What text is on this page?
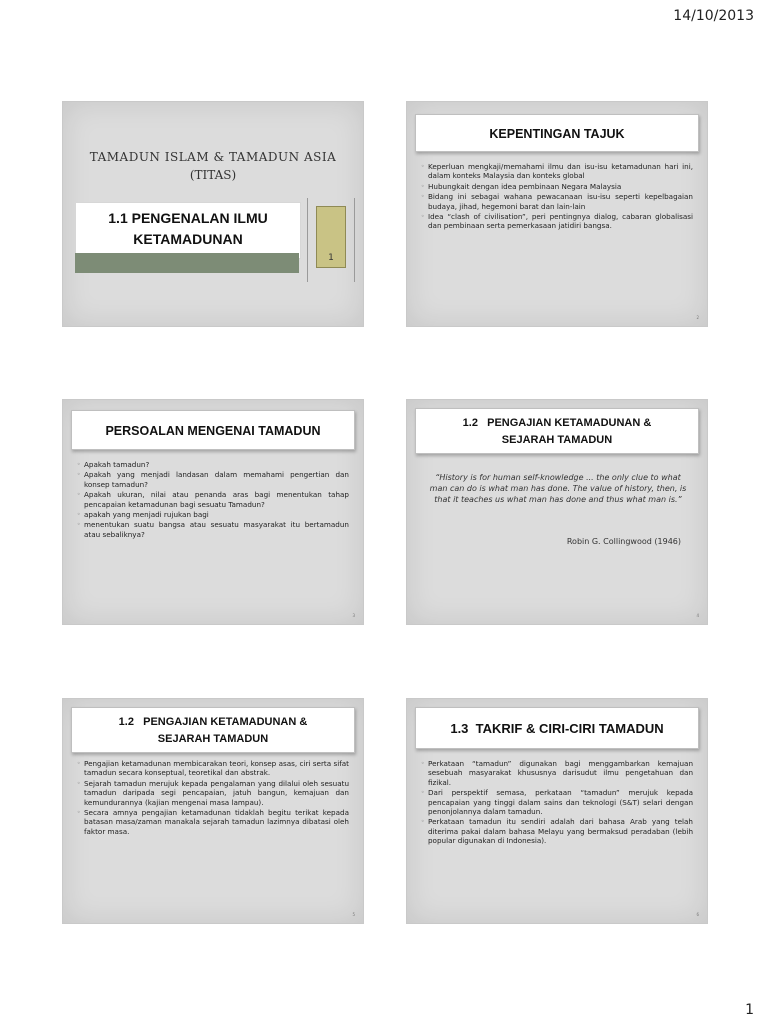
14/10/2013
TAMADUN ISLAM & TAMADUN ASIA
(TITAS)
1.1 PENGENALAN ILMU
KETAMADUNAN
1
KEPENTINGAN TAJUK
◦ Keperluan mengkaji/memahami ilmu dan isu-isu ketamadunan hari ini, dalam konteks Malaysia dan konteks global
◦ Hubungkait dengan idea pembinaan Negara Malaysia
◦ Bidang ini sebagai wahana pewacanaan isu-isu seperti kepelbagaian budaya, jihad, hegemoni barat dan lain-lain
◦ Idea “clash of civilisation”, peri pentingnya dialog, cabaran globalisasi dan pembinaan serta pemerkasaan jatidiri bangsa.
2
PERSOALAN MENGENAI TAMADUN
◦ Apakah tamadun?
◦ Apakah yang menjadi landasan dalam memahami pengertian dan konsep tamadun?
◦ Apakah ukuran, nilai atau penanda aras bagi menentukan tahap pencapaian ketamadunan bagi sesuatu Tamadun?
◦ apakah yang menjadi rujukan bagi
◦ menentukan suatu bangsa atau sesuatu masyarakat itu bertamadun atau sebaliknya?
3
1.2   PENGAJIAN KETAMADUNAN &
SEJARAH TAMADUN
“History is for human self-knowledge ... the only clue to what man can do is what man has done. The value of history, then, is that it teaches us what man has done and thus what man is.”
Robin G. Collingwood (1946)
4
1.2   PENGAJIAN KETAMADUNAN &
SEJARAH TAMADUN
◦ Pengajian ketamadunan membicarakan teori, konsep asas, ciri serta sifat tamadun secara konseptual, teoretikal dan abstrak.
◦ Sejarah tamadun merujuk kepada pengalaman yang dilalui oleh sesuatu tamadun daripada segi pencapaian, jatuh bangun, kemajuan dan kemundurannya (kajian mengenai masa lampau).
◦ Secara amnya pengajian ketamadunan tidaklah begitu terikat kepada batasan masa/zaman manakala sejarah tamadun lazimnya dibatasi oleh faktor masa.
5
1.3  TAKRIF & CIRI-CIRI TAMADUN
◦ Perkataan “tamadun” digunakan bagi menggambarkan kemajuan sesebuah masyarakat khususnya darisudut ilmu pengetahuan dan fizikal.
◦ Dari perspektif semasa, perkataan “tamadun” merujuk kepada pencapaian yang tinggi dalam sains dan teknologi (S&T) selari dengan penonjolannya dalam tamadun.
◦ Perkataan tamadun itu sendiri adalah dari bahasa Arab yang telah diterima pakai dalam bahasa Melayu yang bermaksud peradaban (lebih popular digunakan di Indonesia).
6
1
